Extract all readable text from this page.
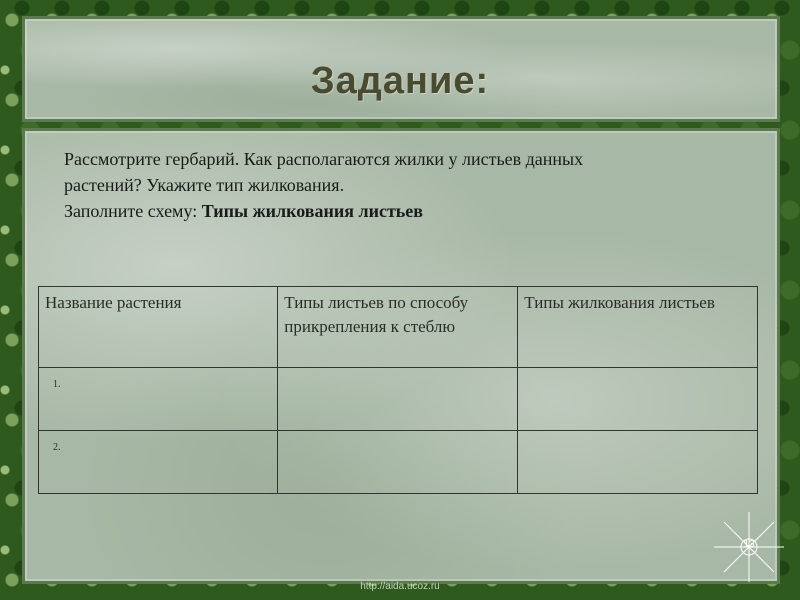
Задание:
Рассмотрите гербарий. Как располагаются жилки у листьев данных
растений? Укажите тип жилкования.
Заполните схему: Типы жилкования листьев
Название растения	Типы листьев по способу прикрепления к стеблю	Типы жилкования листьев
1.		
2.		
13
http://aida.ucoz.ru
